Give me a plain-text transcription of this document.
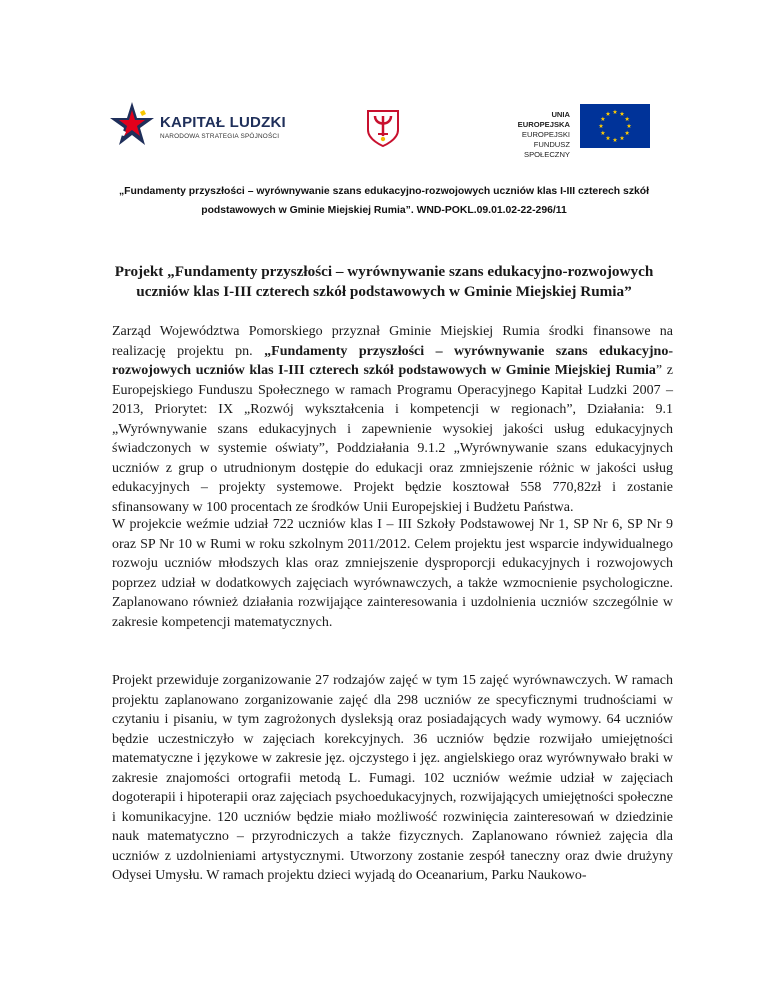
KAPITAŁ LUDZKI
NARODOWA STRATEGIA SPÓJNOŚCI
UNIA EUROPEJSKA
EUROPEJSKI
FUNDUSZ SPOŁECZNY
„Fundamenty przyszłości – wyrównywanie szans edukacyjno-rozwojowych uczniów klas I-III czterech szkół
podstawowych w Gminie Miejskiej Rumia”. WND-POKL.09.01.02-22-296/11
Projekt „Fundamenty przyszłości – wyrównywanie szans edukacyjno-rozwojowych
uczniów klas I-III czterech szkół podstawowych w Gminie Miejskiej Rumia”
Zarząd Województwa Pomorskiego przyznał Gminie Miejskiej Rumia środki finansowe na realizację projektu pn. „Fundamenty przyszłości – wyrównywanie szans edukacyjno-rozwojowych uczniów klas I-III czterech szkół podstawowych w Gminie Miejskiej Rumia” z Europejskiego Funduszu Społecznego w ramach Programu Operacyjnego Kapitał Ludzki 2007 – 2013, Priorytet: IX „Rozwój wykształcenia i kompetencji w regionach”, Działania: 9.1 „Wyrównywanie szans edukacyjnych i zapewnienie wysokiej jakości usług edukacyjnych świadczonych w systemie oświaty”, Poddziałania 9.1.2 „Wyrównywanie szans edukacyjnych uczniów z grup o utrudnionym dostępie do edukacji oraz zmniejszenie różnic w jakości usług edukacyjnych – projekty systemowe. Projekt będzie kosztował 558 770,82zł i zostanie sfinansowany w 100 procentach ze środków Unii Europejskiej i Budżetu Państwa.
W projekcie weźmie udział 722 uczniów klas I – III Szkoły Podstawowej Nr 1, SP Nr 6, SP Nr 9 oraz SP Nr 10 w Rumi w roku szkolnym 2011/2012. Celem projektu jest wsparcie indywidualnego rozwoju uczniów młodszych klas oraz zmniejszenie dysproporcji edukacyjnych i rozwojowych poprzez udział w dodatkowych zajęciach wyrównawczych, a także wzmocnienie psychologiczne. Zaplanowano również działania rozwijające zainteresowania i uzdolnienia uczniów szczególnie w zakresie kompetencji matematycznych.
Projekt przewiduje zorganizowanie 27 rodzajów zajęć w tym 15 zajęć wyrównawczych. W ramach projektu zaplanowano zorganizowanie zajęć dla 298 uczniów ze specyficznymi trudnościami w czytaniu i pisaniu, w tym zagrożonych dysleksją oraz posiadających wady wymowy. 64 uczniów będzie uczestniczyło w zajęciach korekcyjnych. 36 uczniów będzie rozwijało umiejętności matematyczne i językowe w zakresie jęz. ojczystego i jęz. angielskiego oraz wyrównywało braki w zakresie znajomości ortografii metodą L. Fumagi. 102 uczniów weźmie udział w zajęciach dogoterapii i hipoterapii oraz zajęciach psychoedukacyjnych, rozwijających umiejętności społeczne i komunikacyjne. 120 uczniów będzie miało możliwość rozwinięcia zainteresowań w dziedzinie nauk matematyczno – przyrodniczych a także fizycznych. Zaplanowano również zajęcia dla uczniów z uzdolnieniami artystycznymi. Utworzony zostanie zespół taneczny oraz dwie drużyny Odysei Umysłu. W ramach projektu dzieci wyjadą do Oceanarium, Parku Naukowo-
